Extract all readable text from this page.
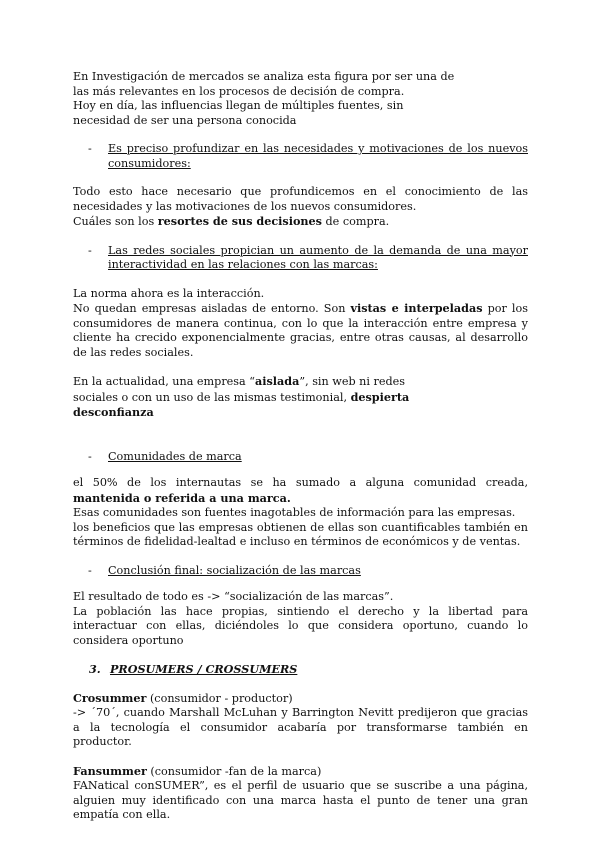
En Investigación de mercados se analiza esta figura por ser una de

las más relevantes en los procesos de decisión de compra.

Hoy en día, las influencias llegan de múltiples fuentes, sin

necesidad de ser una persona conocida

-	Es preciso profundizar en las necesidades y motivaciones de los nuevos consumidores:

Todo esto hace necesario que profundicemos en el conocimiento de las necesidades y las motivaciones de los nuevos consumidores.

Cuáles son los resortes de sus decisiones de compra.

-	Las redes sociales propician un aumento de la demanda de una mayor interactividad en las relaciones con las marcas:

La norma ahora es la interacción.

No quedan empresas aisladas de entorno. Son vistas e interpeladas por los consumidores de manera continua, con lo que la interacción entre empresa y cliente ha crecido exponencialmente gracias, entre otras causas, al desarrollo de las redes sociales.

En la actualidad, una empresa “aislada”, sin web ni redes

sociales o con un uso de las mismas testimonial, despierta

desconfianza

-	Comunidades de marca

el 50% de los internautas se ha sumado a alguna comunidad creada, mantenida o referida a una marca.

Esas comunidades son fuentes inagotables de información para las empresas.

los beneficios que las empresas obtienen de ellas son cuantificables también en términos de fidelidad-lealtad e incluso en términos de económicos y de ventas.

-	Conclusión final: socialización de las marcas

El resultado de todo es -> “socialización de las marcas”.

La población las hace propias, sintiendo el derecho y la libertad para interactuar con ellas, diciéndoles lo que considera oportuno, cuando lo considera oportuno

3. PROSUMERS / CROSSUMERS

Crosummer (consumidor - productor)

-> ´70´, cuando Marshall McLuhan y Barrington Nevitt predijeron que gracias a la tecnología el consumidor acabaría por transformarse también en productor.

Fansummer (consumidor -fan de la marca)

FANatical conSUMER”, es el perfil de usuario que se suscribe a una página, alguien muy identificado con una marca hasta el punto de tener una gran empatía con ella.
